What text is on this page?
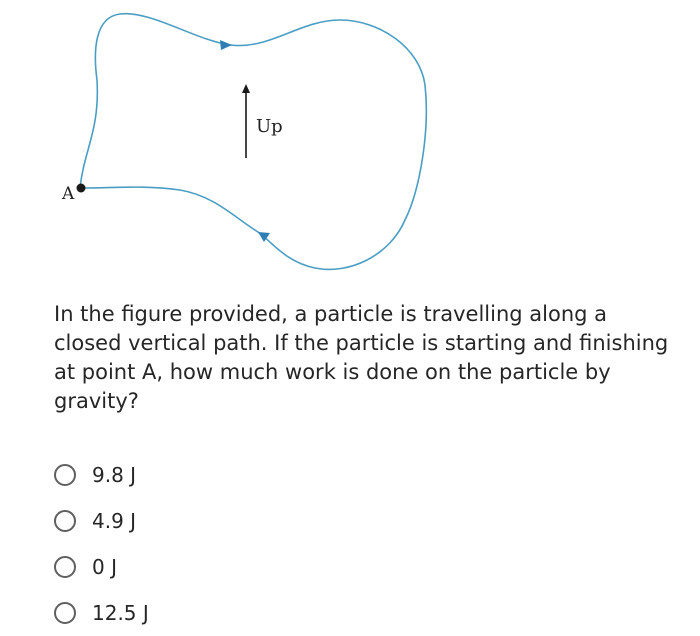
A
Up

In the figure provided, a particle is travelling along a closed vertical path. If the particle is starting and finishing at point A, how much work is done on the particle by gravity?

9.8 J
4.9 J
0 J
12.5 J
